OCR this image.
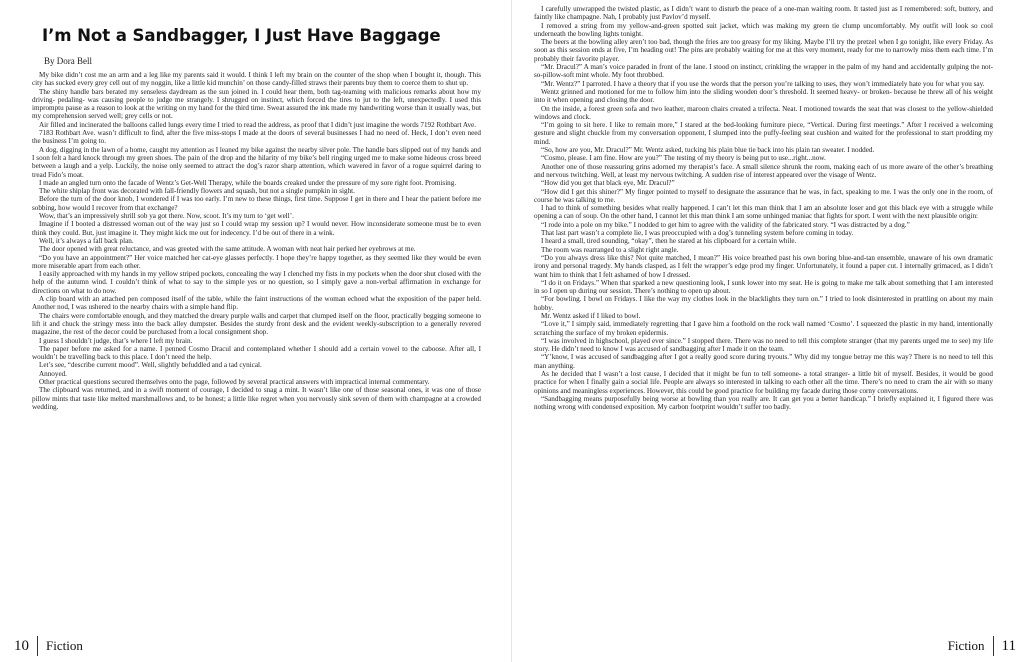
I’m Not a Sandbagger, I Just Have Baggage

By Dora Bell

My bike didn’t cost me an arm and a leg like my parents said it would. I think I left my brain on the counter of the shop when I bought it, though. This city has sucked every grey cell out of my noggin, like a little kid munchin’ on those candy-filled straws their parents buy them to coerce them to shut up.

The shiny handle bars berated my senseless daydream as the sun joined in. I could hear them, both tag-teaming with malicious remarks about how my driving- pedaling- was causing people to judge me strangely. I shrugged on instinct, which forced the tires to jut to the left, unexpectedly. I used this impromptu pause as a reason to look at the writing on my hand for the third time. Sweat assured the ink made my handwriting worse than it usually was, but my comprehension served well; grey cells or not.

Air filled and incinerated the balloons called lungs every time I tried to read the address, as proof that I didn’t just imagine the words 7192 Rothbart Ave.

7183 Rothbart Ave. wasn’t difficult to find, after the five miss-stops I made at the doors of several businesses I had no need of. Heck, I don’t even need the business I’m going to.

A dog, digging in the lawn of a home, caught my attention as I leaned my bike against the nearby silver pole. The handle bars slipped out of my hands and I soon felt a hard knock through my green shoes. The pain of the drop and the hilarity of my bike’s bell ringing urged me to make some hideous cross breed between a laugh and a yelp. Luckily, the noise only seemed to attract the dog’s razor sharp attention, which wavered in favor of a rogue squirrel daring to tread Fido’s moat.

I made an angled turn onto the facade of Wentz’s Get-Well Therapy, while the boards creaked under the pressure of my sore right foot. Promising.

The white shiplap front was decorated with fall-friendly flowers and squash, but not a single pumpkin in sight.

Before the turn of the door knob, I wondered if I was too early. I’m new to these things, first time. Suppose I get in there and I hear the patient before me sobbing, how would I recover from that exchange?

Wow, that’s an impressively shrill sob ya got there. Now, scoot. It’s my turn to ‘get well’.

Imagine if I booted a distressed woman out of the way just so I could wrap my session up? I would never. How inconsiderate someone must be to even think they could. But, just imagine it. They might kick me out for indecency. I’d be out of there in a wink.

Well, it’s always a fall back plan.

The door opened with great reluctance, and was greeted with the same attitude. A woman with neat hair perked her eyebrows at me.

“Do you have an appointment?” Her voice matched her cat-eye glasses perfectly. I hope they’re happy together, as they seemed like they would be even more miserable apart from each other.

I easily approached with my hands in my yellow striped pockets, concealing the way I clenched my fists in my pockets when the door shut closed with the help of the autumn wind. I couldn’t think of what to say to the simple yes or no question, so I simply gave a non-verbal affirmation in exchange for directions on what to do now.

A clip board with an attached pen composed itself of the table, while the faint instructions of the woman echoed what the exposition of the paper held. Another nod, I was ushered to the nearby chairs with a simple hand flip.

The chairs were comfortable enough, and they matched the dreary purple walls and carpet that clumped itself on the floor, practically begging someone to lift it and chuck the stringy mess into the back alley dumpster. Besides the sturdy front desk and the evident weekly-subscription to a generally revered magazine, the rest of the decor could be purchased from a local consignment shop.

I guess I shouldn’t judge, that’s where I left my brain.

The paper before me asked for a name. I penned Cosmo Dracul and contemplated whether I should add a certain vowel to the caboose. After all, I wouldn’t be travelling back to this place. I don’t need the help.

Let’s see, “describe current mood”. Well, slightly befuddled and a tad cynical.

Annoyed.

Other practical questions secured themselves onto the page, followed by several practical answers with impractical internal commentary.

The clipboard was returned, and in a swift moment of courage, I decided to snag a mint. It wasn’t like one of those seasonal ones, it was one of those pillow mints that taste like melted marshmallows and, to be honest; a little like regret when you nervously sink seven of them with champagne at a crowded wedding.

10 Fiction

I carefully unwrapped the twisted plastic, as I didn’t want to disturb the peace of a one-man waiting room. It tasted just as I remembered: soft, buttery, and faintly like champagne. Nah, I probably just Pavlov’d myself.

I removed a string from my yellow-and-green spotted suit jacket, which was making my green tie clump uncomfortably. My outfit will look so cool underneath the bowling lights tonight.

The beers at the bowling alley aren’t too bad, though the fries are too greasy for my liking. Maybe I’ll try the pretzel when I go tonight, like every Friday. As soon as this session ends at five, I’m heading out! The pins are probably waiting for me at this very moment, ready for me to narrowly miss them each time. I’m probably their favorite player.

“Mr. Dracul?” A man’s voice paraded in front of the lane. I stood on instinct, crinkling the wrapper in the palm of my hand and accidentally gulping the not-so-pillow-soft mint whole. My foot throbbed.

“Mr. Wentz?” I parroted. I have a theory that if you use the words that the person you’re talking to uses, they won’t immediately hate you for what you say.

Wentz grinned and motioned for me to follow him into the sliding wooden door’s threshold. It seemed heavy- or broken- because he threw all of his weight into it when opening and closing the door.

On the inside, a forest green sofa and two leather, maroon chairs created a trifecta. Neat. I motioned towards the seat that was closest to the yellow-shielded windows and clock.

“I’m going to sit here. I like to remain more,” I stared at the bed-looking furniture piece, “Vertical. During first meetings.” After I received a welcoming gesture and slight chuckle from my conversation opponent, I slumped into the puffy-feeling seat cushion and waited for the professional to start prodding my mind.

“So, how are you, Mr. Dracul?” Mr. Wentz asked, tucking his plain blue tie back into his plain tan sweater. I nodded.

“Cosmo, please. I am fine. How are you?” The testing of my theory is being put to use...right...now.

Another one of those reassuring grins adorned my therapist’s face. A small silence shrunk the room, making each of us more aware of the other’s breathing and nervous twitching. Well, at least my nervous twitching. A sudden rise of interest appeared over the visage of Wentz.

“How did you get that black eye, Mr. Dracul?”

“How did I get this shiner?” My finger pointed to myself to designate the assurance that he was, in fact, speaking to me. I was the only one in the room, of course he was talking to me.

I had to think of something besides what really happened. I can’t let this man think that I am an absolute loser and got this black eye with a struggle while opening a can of soup. On the other hand, I cannot let this man think I am some unhinged maniac that fights for sport. I went with the next plausible origin:

“I rode into a pole on my bike.” I nodded to get him to agree with the validity of the fabricated story. “I was distracted by a dog.”

That last part wasn’t a complete lie, I was preoccupied with a dog’s tunneling system before coming in today.

I heard a small, tired sounding, “okay”, then he stared at his clipboard for a certain while.

The room was rearranged to a slight right angle.

“Do you always dress like this? Not quite matched, I mean?” His voice breathed past his own boring blue-and-tan ensemble, unaware of his own dramatic irony and personal tragedy. My hands clasped, as I felt the wrapper’s edge prod my finger. Unfortunately, it found a paper cut. I internally grimaced, as I didn’t want him to think that I felt ashamed of how I dressed.

“I do it on Fridays.” When that sparked a new questioning look, I sunk lower into my seat. He is going to make me talk about something that I am interested in so I open up during our session. There’s nothing to open up about.

“For bowling. I bowl on Fridays. I like the way my clothes look in the blacklights they turn on.” I tried to look disinterested in prattling on about my main hobby.

Mr. Wentz asked if I liked to bowl.

“Love it,” I simply said, immediately regretting that I gave him a foothold on the rock wall named ‘Cosmo’. I squeezed the plastic in my hand, intentionally scratching the surface of my broken epidermis.

“I was involved in highschool, played ever since.” I stopped there. There was no need to tell this complete stranger (that my parents urged me to see) my life story. He didn’t need to know I was accused of sandbagging after I made it on the team.

“Y’know, I was accused of sandbagging after I got a really good score during tryouts.” Why did my tongue betray me this way? There is no need to tell this man anything.

As he decided that I wasn’t a lost cause, I decided that it might be fun to tell someone- a total stranger- a little bit of myself. Besides, it would be good practice for when I finally gain a social life. People are always so interested in talking to each other all the time. There’s no need to cram the air with so many opinions and meaningless experiences. However, this could be good practice for building my facade during those corny conversations.

“Sandbagging means purposefully being worse at bowling than you really are. It can get you a better handicap.” I briefly explained it, I figured there was nothing wrong with condensed exposition. My carbon footprint wouldn’t suffer too badly.

Fiction 11
